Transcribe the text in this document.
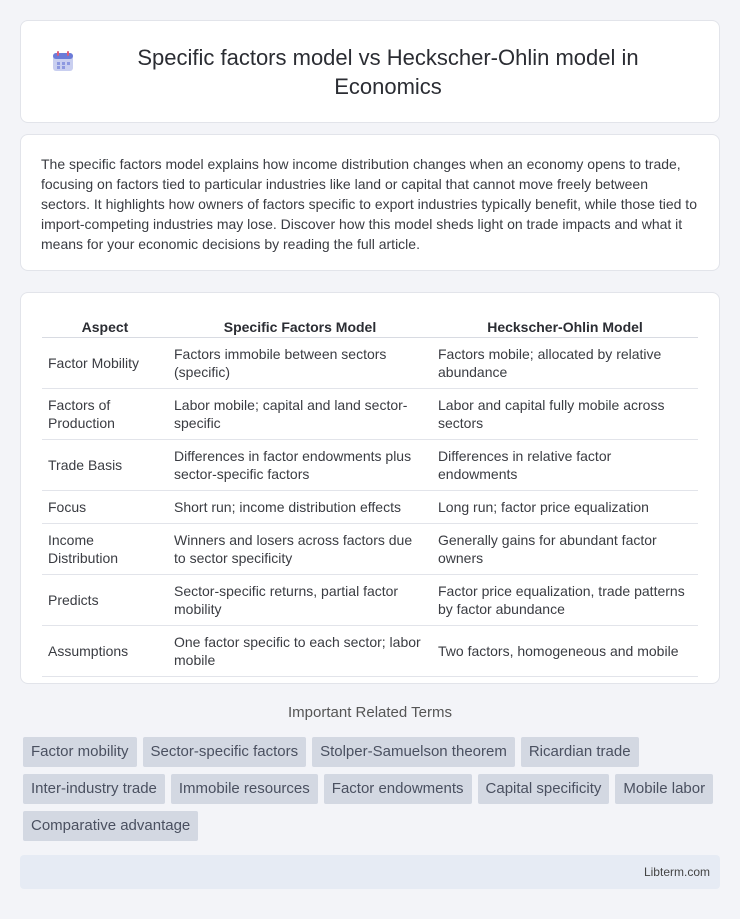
Specific factors model vs Heckscher-Ohlin model in Economics

The specific factors model explains how income distribution changes when an economy opens to trade, focusing on factors tied to particular industries like land or capital that cannot move freely between sectors. It highlights how owners of factors specific to export industries typically benefit, while those tied to import-competing industries may lose. Discover how this model sheds light on trade impacts and what it means for your economic decisions by reading the full article.

Aspect	Specific Factors Model	Heckscher-Ohlin Model
Factor Mobility	Factors immobile between sectors (specific)	Factors mobile; allocated by relative abundance
Factors of Production	Labor mobile; capital and land sector-specific	Labor and capital fully mobile across sectors
Trade Basis	Differences in factor endowments plus sector-specific factors	Differences in relative factor endowments
Focus	Short run; income distribution effects	Long run; factor price equalization
Income Distribution	Winners and losers across factors due to sector specificity	Generally gains for abundant factor owners
Predicts	Sector-specific returns, partial factor mobility	Factor price equalization, trade patterns by factor abundance
Assumptions	One factor specific to each sector; labor mobile	Two factors, homogeneous and mobile
Important Related Terms
Factor mobility	Sector-specific factors	Stolper-Samuelson theorem	Ricardian trade
Inter-industry trade	Immobile resources	Factor endowments	Capital specificity	Mobile labor
Comparative advantage
Libterm.com
